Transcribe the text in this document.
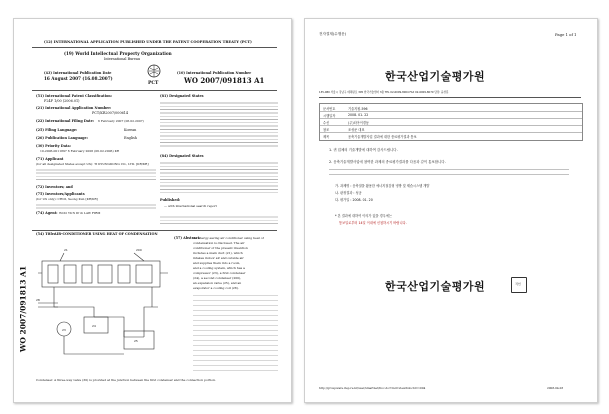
(12) INTERNATIONAL APPLICATION PUBLISHED UNDER THE PATENT COOPERATION TREATY (PCT)
(19) World Intellectual Property Organization
International Bureau
(43) International Publication Date
16 August 2007 (16.08.2007)
PCT
(10) International Publication Number
WO 2007/091813 A1
(51) International Patent Classification:
F24F 1/00 (2006.01)
(21) International Application Number:
PCT/KR2007/000614
(22) International Filing Date: 6 February 2007 (06.02.2007)
(25) Filing Language:	Korean
(26) Publication Language:	English
(30) Priority Data:
10-2006-0011897 6 February 2006 (06.02.2006) KR
(71) Applicant
(for all designated States except US): TI KYUNGDONG CO., LTD. [KR/KR]
(72) Inventors; and
(75) Inventors/Applicants
(for US only): CHOI, Seong Kun [KR/KR]
(74) Agent: WOO YUN IP & LAW FIRM
(81) Designated States
(84) Designated States
Published:
— with international search report
(54) Title:
AIR-CONDITIONER USING HEAT OF CONDENSATION
21	200
28
23
24
25
(57) Abstract:
An energy-saving air conditioner using heat of
condensation is disclosed. The air
conditioner of the present invention
includes a main duct (21), which
intakes indoor air and outside air
and supplies them into a room,
and a cooling system, which has a
compressor (23), a first condenser
(24), a second condenser (200),
an expansion valve (25), and an
evaporator a cooling coil (28).
Condenser. A three-way valve (30) is provided at the junction between the first condenser and the connection portion.
WO 2007/091813 A1
전자결재(수행문)	Page 1 of 1
한국산업기술평가원
135-080 서울시 강남구 테헤란로 305 한국기술센터 3층 TEL 02-6009-8004 FAX 02-6009-8079 담당: 윤상훈
문서번호	기술지원-596
시행일자	2008. 01. 22
수신	(주)티아이경동
참조	조성준 대표
제목	응축기술개발사업 결과에 대한 종료평가결과 통보
1. 귀 업체의 기술개발에 대하여 감사드립니다.
2. 응축기술개발사업에 참여한 과제의 종료평가결과를 다음과 같이 통보합니다.
가. 과제명 : 응축열을 활용한 에너지절감형 냉방 및 제습시스템 개발
나. 판정결과 : 성공
다. 평가일 : 2008. 01. 20
* 본 결과에 대하여 이의가 있을 경우에는
통보일로부터 14일 이내에 신청하시기 바랍니다.
한국산업기술평가원	직인
http://groupware.itep.re.kr/user/smartnet/Doc.do?cmd=view&docId=1004	2008-04-03
